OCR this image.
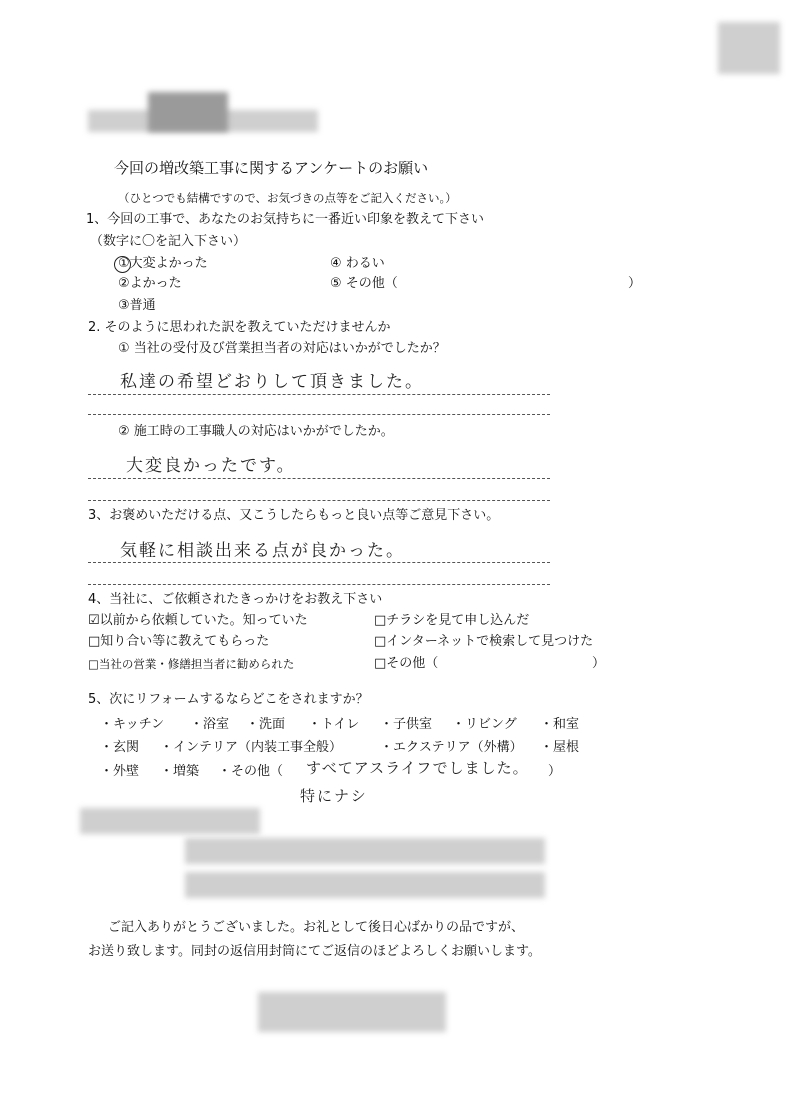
今回の増改築工事に関するアンケートのお願い
（ひとつでも結構ですので、お気づきの点等をご記入ください。）
1、今回の工事で、あなたのお気持ちに一番近い印象を教えて下さい
（数字に〇を記入下さい）
①大変よかった
②よかった
③普通
④ わるい
⑤ その他（	）
2. そのように思われた訳を教えていただけませんか
① 当社の受付及び営業担当者の対応はいかがでしたか？
私達の希望どおりして頂きました。
② 施工時の工事職人の対応はいかがでしたか。
大変良かったです。
3、お褒めいただける点、又こうしたらもっと良い点等ご意見下さい。
気軽に相談出来る点が良かった。
4、当社に、ご依頼されたきっかけをお教え下さい
☑以前から依頼していた。知っていた	□チラシを見て申し込んだ
□知り合い等に教えてもらった	□インターネットで検索して見つけた
□当社の営業・修繕担当者に勧められた	□その他（	）
5、次にリフォームするならどこをされますか？
・キッチン ・浴室 ・洗面 ・トイレ ・子供室 ・リビング ・和室
・玄関 ・インテリア（内装工事全般）	・エクステリア（外構） ・屋根
・外壁 ・増築 ・その他（ すべてアスライフでしました。 ）
特にナシ
ご記入ありがとうございました。お礼として後日心ばかりの品ですが、
お送り致します。同封の返信用封筒にてご返信のほどよろしくお願いします。
